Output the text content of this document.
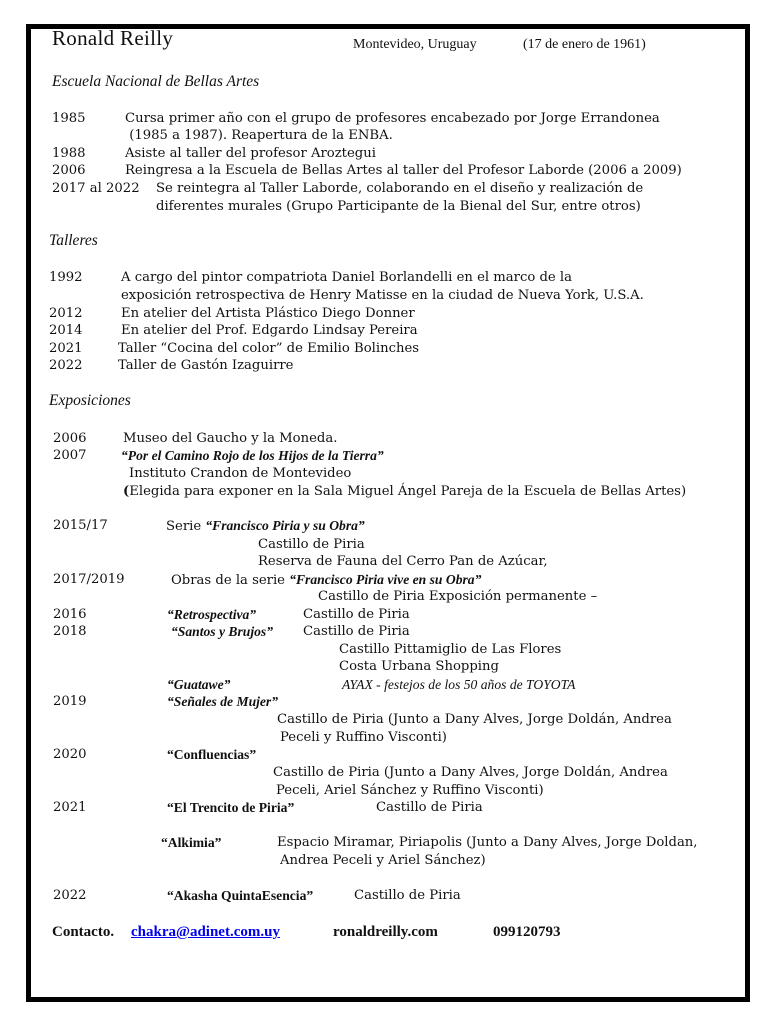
Ronald Reilly	Montevideo, Uruguay	(17 de enero de 1961)
Escuela Nacional de Bellas Artes
1985	Cursa primer año con el grupo de profesores encabezado por Jorge Errandonea
(1985 a 1987). Reapertura de la ENBA.
1988	Asiste al taller del profesor Aroztegui
2006	Reingresa a la Escuela de Bellas Artes al taller del Profesor Laborde (2006 a 2009)
2017 al 2022 Se reintegra al Taller Laborde, colaborando en el diseño y realización de
diferentes murales (Grupo Participante de la Bienal del Sur, entre otros)
Talleres
1992	A cargo del pintor compatriota Daniel Borlandelli en el marco de la
exposición retrospectiva de Henry Matisse en la ciudad de Nueva York, U.S.A.
2012	En atelier del Artista Plástico Diego Donner
2014	En atelier del Prof. Edgardo Lindsay Pereira
2021	Taller “Cocina del color” de Emilio Bolinches
2022	Taller de Gastón Izaguirre
Exposiciones
2006	Museo del Gaucho y la Moneda.
2007	“Por el Camino Rojo de los Hijos de la Tierra”
Instituto Crandon de Montevideo
(Elegida para exponer en la Sala Miguel Ángel Pareja de la Escuela de Bellas Artes)
2015/17	Serie “Francisco Piria y su Obra”
Castillo de Piria
Reserva de Fauna del Cerro Pan de Azúcar,
2017/2019	Obras de la serie “Francisco Piria vive en su Obra”
Castillo de Piria Exposición permanente –
2016	“Retrospectiva”	Castillo de Piria
2018	“Santos y Brujos” Castillo de Piria
Castillo Pittamiglio de Las Flores
Costa Urbana Shopping
“Guatawe”	AYAX - festejos de los 50 años de TOYOTA
2019	“Señales de Mujer”
Castillo de Piria (Junto a Dany Alves, Jorge Doldán, Andrea
Peceli y Ruffino Visconti)
2020	“Confluencias”
Castillo de Piria (Junto a Dany Alves, Jorge Doldán, Andrea
Peceli, Ariel Sánchez y Ruffino Visconti)
2021	“El Trencito de Piria”	Castillo de Piria
“Alkimia”	Espacio Miramar, Piriapolis (Junto a Dany Alves, Jorge Doldan,
Andrea Peceli y Ariel Sánchez)
2022	“Akasha QuintaEsencia”	Castillo de Piria
Contacto. chakra@adinet.com.uy	ronaldreilly.com	099120793
